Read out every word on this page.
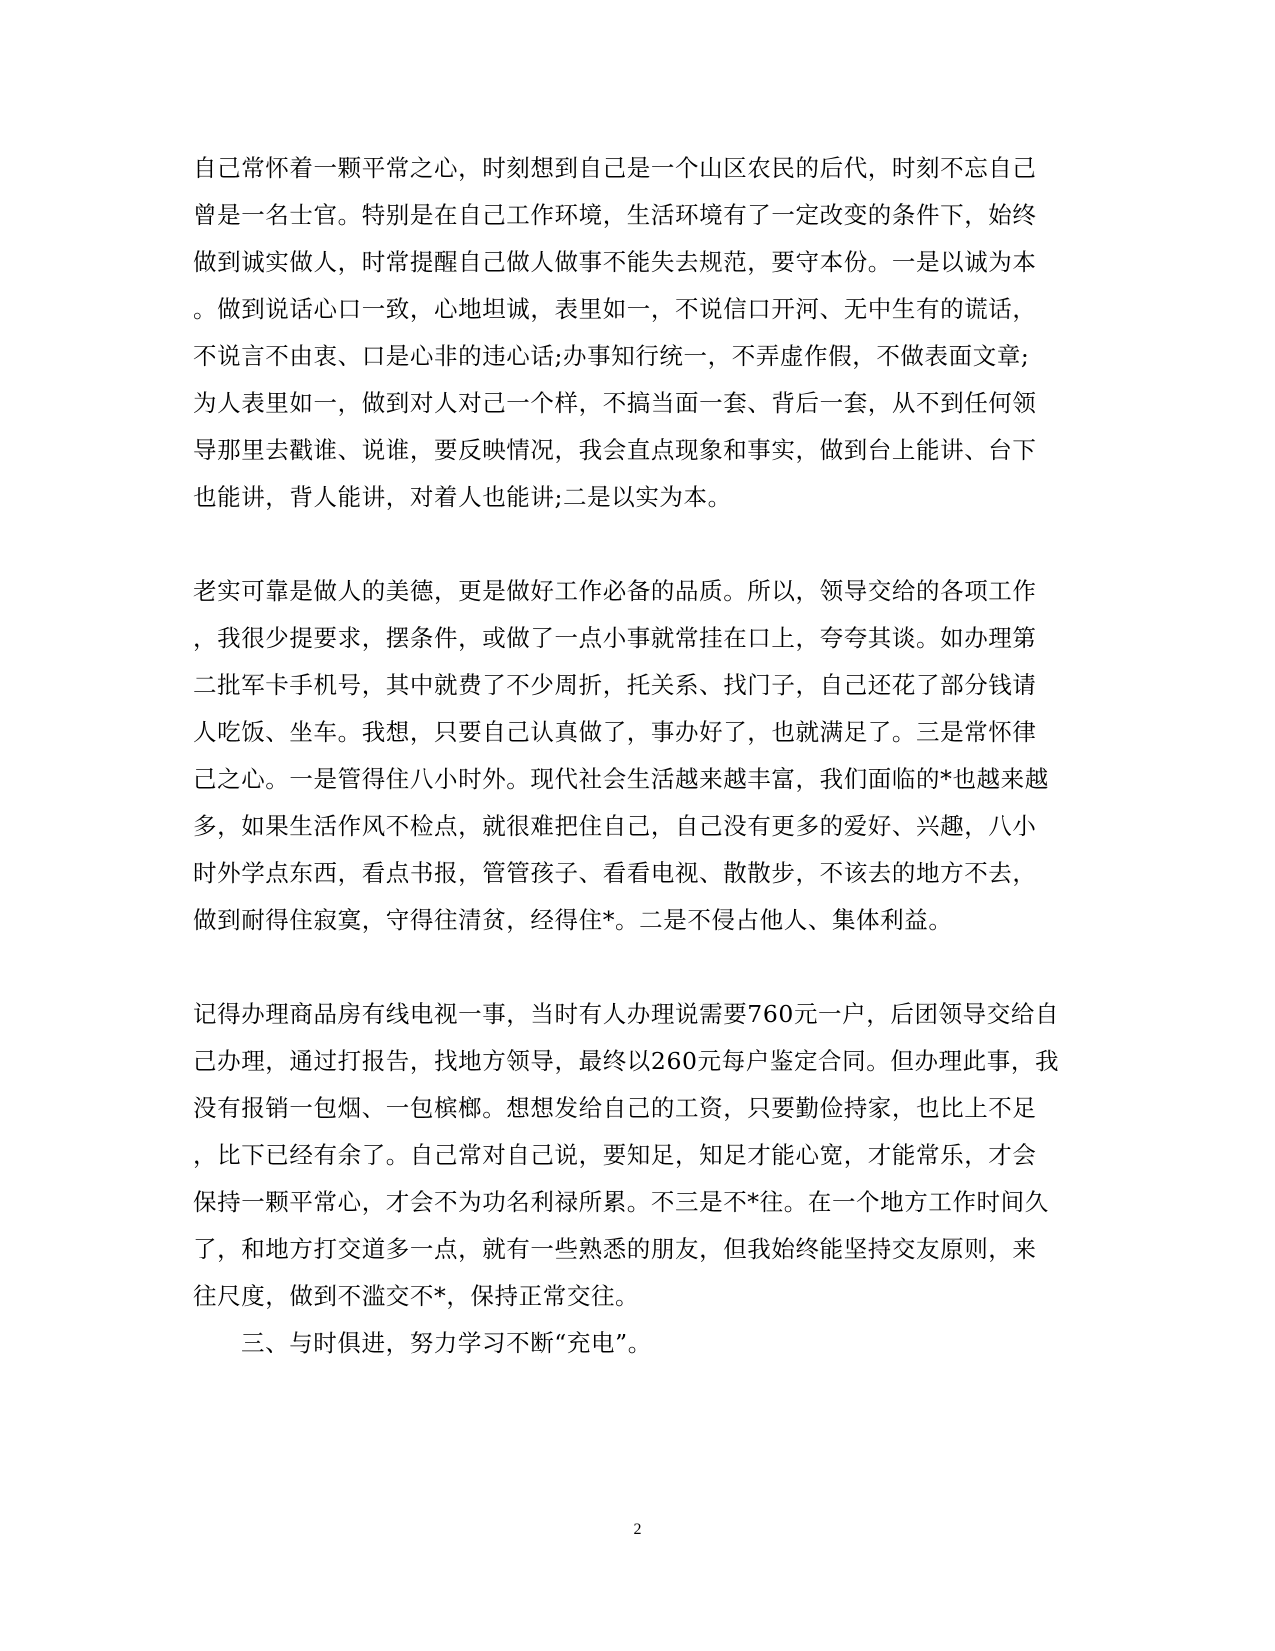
自己常怀着一颗平常之心，时刻想到自己是一个山区农民的后代，时刻不忘自己
曾是一名士官。特别是在自己工作环境，生活环境有了一定改变的条件下，始终
做到诚实做人，时常提醒自己做人做事不能失去规范，要守本份。一是以诚为本
。做到说话心口一致，心地坦诚，表里如一，不说信口开河、无中生有的谎话，
不说言不由衷、口是心非的违心话;办事知行统一，不弄虚作假，不做表面文章;
为人表里如一，做到对人对己一个样，不搞当面一套、背后一套，从不到任何领
导那里去戳谁、说谁，要反映情况，我会直点现象和事实，做到台上能讲、台下
也能讲，背人能讲，对着人也能讲;二是以实为本。
老实可靠是做人的美德，更是做好工作必备的品质。所以，领导交给的各项工作
，我很少提要求，摆条件，或做了一点小事就常挂在口上，夸夸其谈。如办理第
二批军卡手机号，其中就费了不少周折，托关系、找门子，自己还花了部分钱请
人吃饭、坐车。我想，只要自己认真做了，事办好了，也就满足了。三是常怀律
己之心。一是管得住八小时外。现代社会生活越来越丰富，我们面临的*也越来越
多，如果生活作风不检点，就很难把住自己，自己没有更多的爱好、兴趣，八小
时外学点东西，看点书报，管管孩子、看看电视、散散步，不该去的地方不去，
做到耐得住寂寞，守得往清贫，经得住*。二是不侵占他人、集体利益。
记得办理商品房有线电视一事，当时有人办理说需要760元一户，后团领导交给自
己办理，通过打报告，找地方领导，最终以260元每户鉴定合同。但办理此事，我
没有报销一包烟、一包槟榔。想想发给自己的工资，只要勤俭持家，也比上不足
，比下已经有余了。自己常对自己说，要知足，知足才能心宽，才能常乐，才会
保持一颗平常心，才会不为功名利禄所累。不三是不*往。在一个地方工作时间久
了，和地方打交道多一点，就有一些熟悉的朋友，但我始终能坚持交友原则，来
往尺度，做到不滥交不*，保持正常交往。
三、与时俱进，努力学习不断“充电”。
2
